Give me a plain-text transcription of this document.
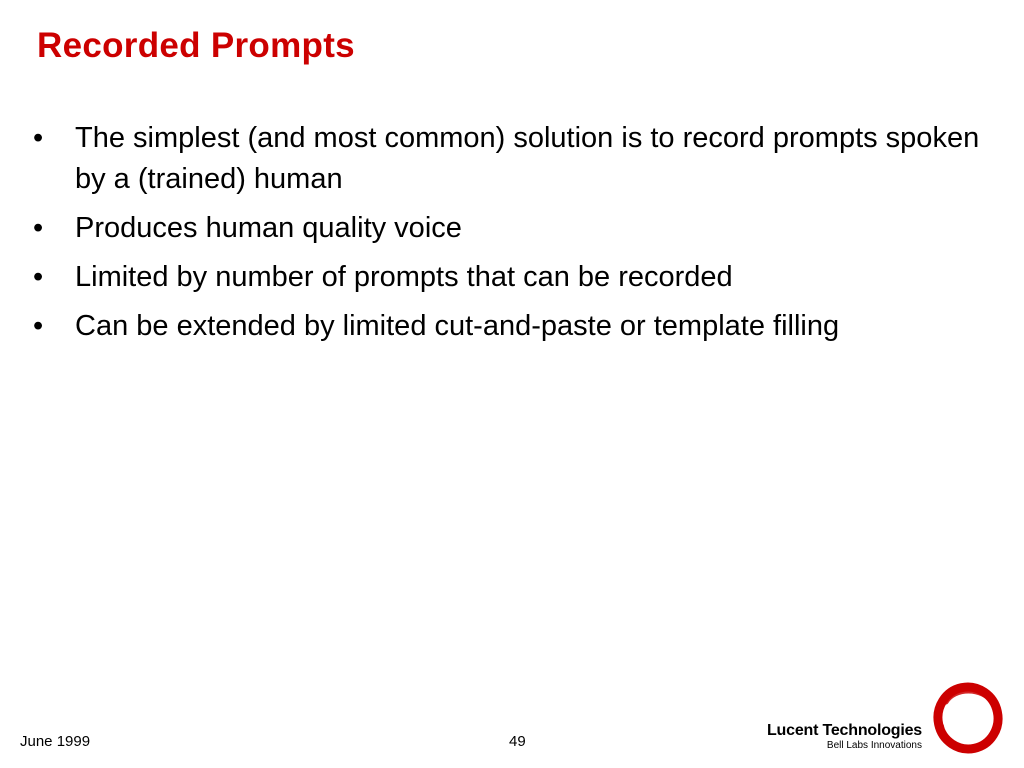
Recorded Prompts
• The simplest (and most common) solution is to record prompts spoken by a (trained) human
• Produces human quality voice
• Limited by number of prompts that can be recorded
• Can be extended by limited cut-and-paste or template filling
June 1999	49
Lucent Technologies
Bell Labs Innovations
